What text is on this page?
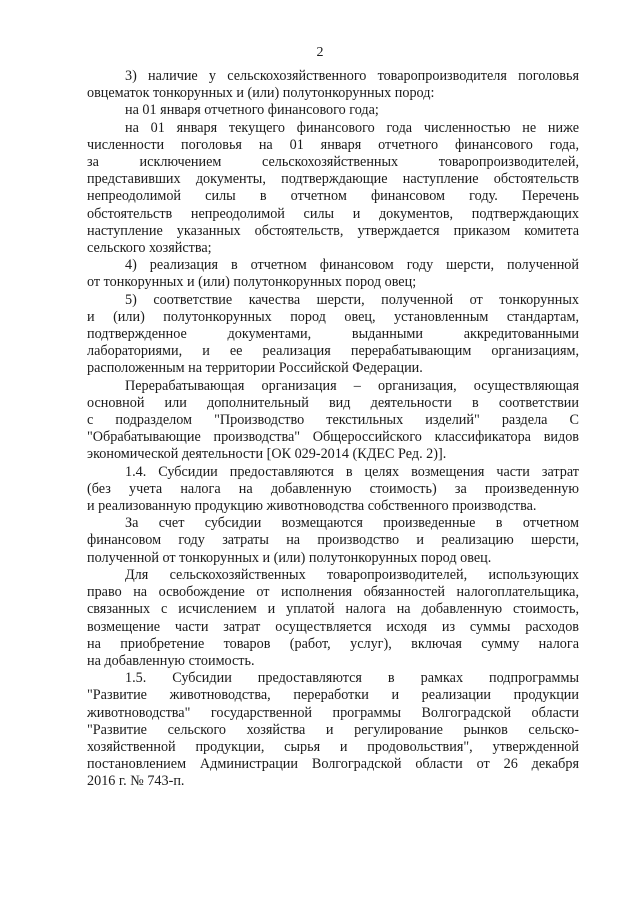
2
3) наличие у сельскохозяйственного товаропроизводителя поголовья
овцематок тонкорунных и (или) полутонкорунных пород:
на 01 января отчетного финансового года;
на 01 января текущего финансового года численностью не ниже
численности поголовья на 01 января отчетного финансового года,
за исключением сельскохозяйственных товаропроизводителей,
представивших документы, подтверждающие наступление обстоятельств
непреодолимой силы в отчетном финансовом году. Перечень
обстоятельств непреодолимой силы и документов, подтверждающих
наступление указанных обстоятельств, утверждается приказом комитета
сельского хозяйства;
4) реализация в отчетном финансовом году шерсти, полученной
от тонкорунных и (или) полутонкорунных пород овец;
5) соответствие качества шерсти, полученной от тонкорунных
и (или) полутонкорунных пород овец, установленным стандартам,
подтвержденное документами, выданными аккредитованными
лабораториями, и ее реализация перерабатывающим организациям,
расположенным на территории Российской Федерации.
Перерабатывающая организация – организация, осуществляющая
основной или дополнительный вид деятельности в соответствии
с подразделом "Производство текстильных изделий" раздела С
"Обрабатывающие производства" Общероссийского классификатора видов
экономической деятельности [ОК 029-2014 (КДЕС Ред. 2)].
1.4. Субсидии предоставляются в целях возмещения части затрат
(без учета налога на добавленную стоимость) за произведенную
и реализованную продукцию животноводства собственного производства.
За счет субсидии возмещаются произведенные в отчетном
финансовом году затраты на производство и реализацию шерсти,
полученной от тонкорунных и (или) полутонкорунных пород овец.
Для сельскохозяйственных товаропроизводителей, использующих
право на освобождение от исполнения обязанностей налогоплательщика,
связанных с исчислением и уплатой налога на добавленную стоимость,
возмещение части затрат осуществляется исходя из суммы расходов
на приобретение товаров (работ, услуг), включая сумму налога
на добавленную стоимость.
1.5. Субсидии предоставляются в рамках подпрограммы
"Развитие животноводства, переработки и реализации продукции
животноводства" государственной программы Волгоградской области
"Развитие сельского хозяйства и регулирование рынков сельско-
хозяйственной продукции, сырья и продовольствия", утвержденной
постановлением Администрации Волгоградской области от 26 декабря
2016 г. № 743-п.
